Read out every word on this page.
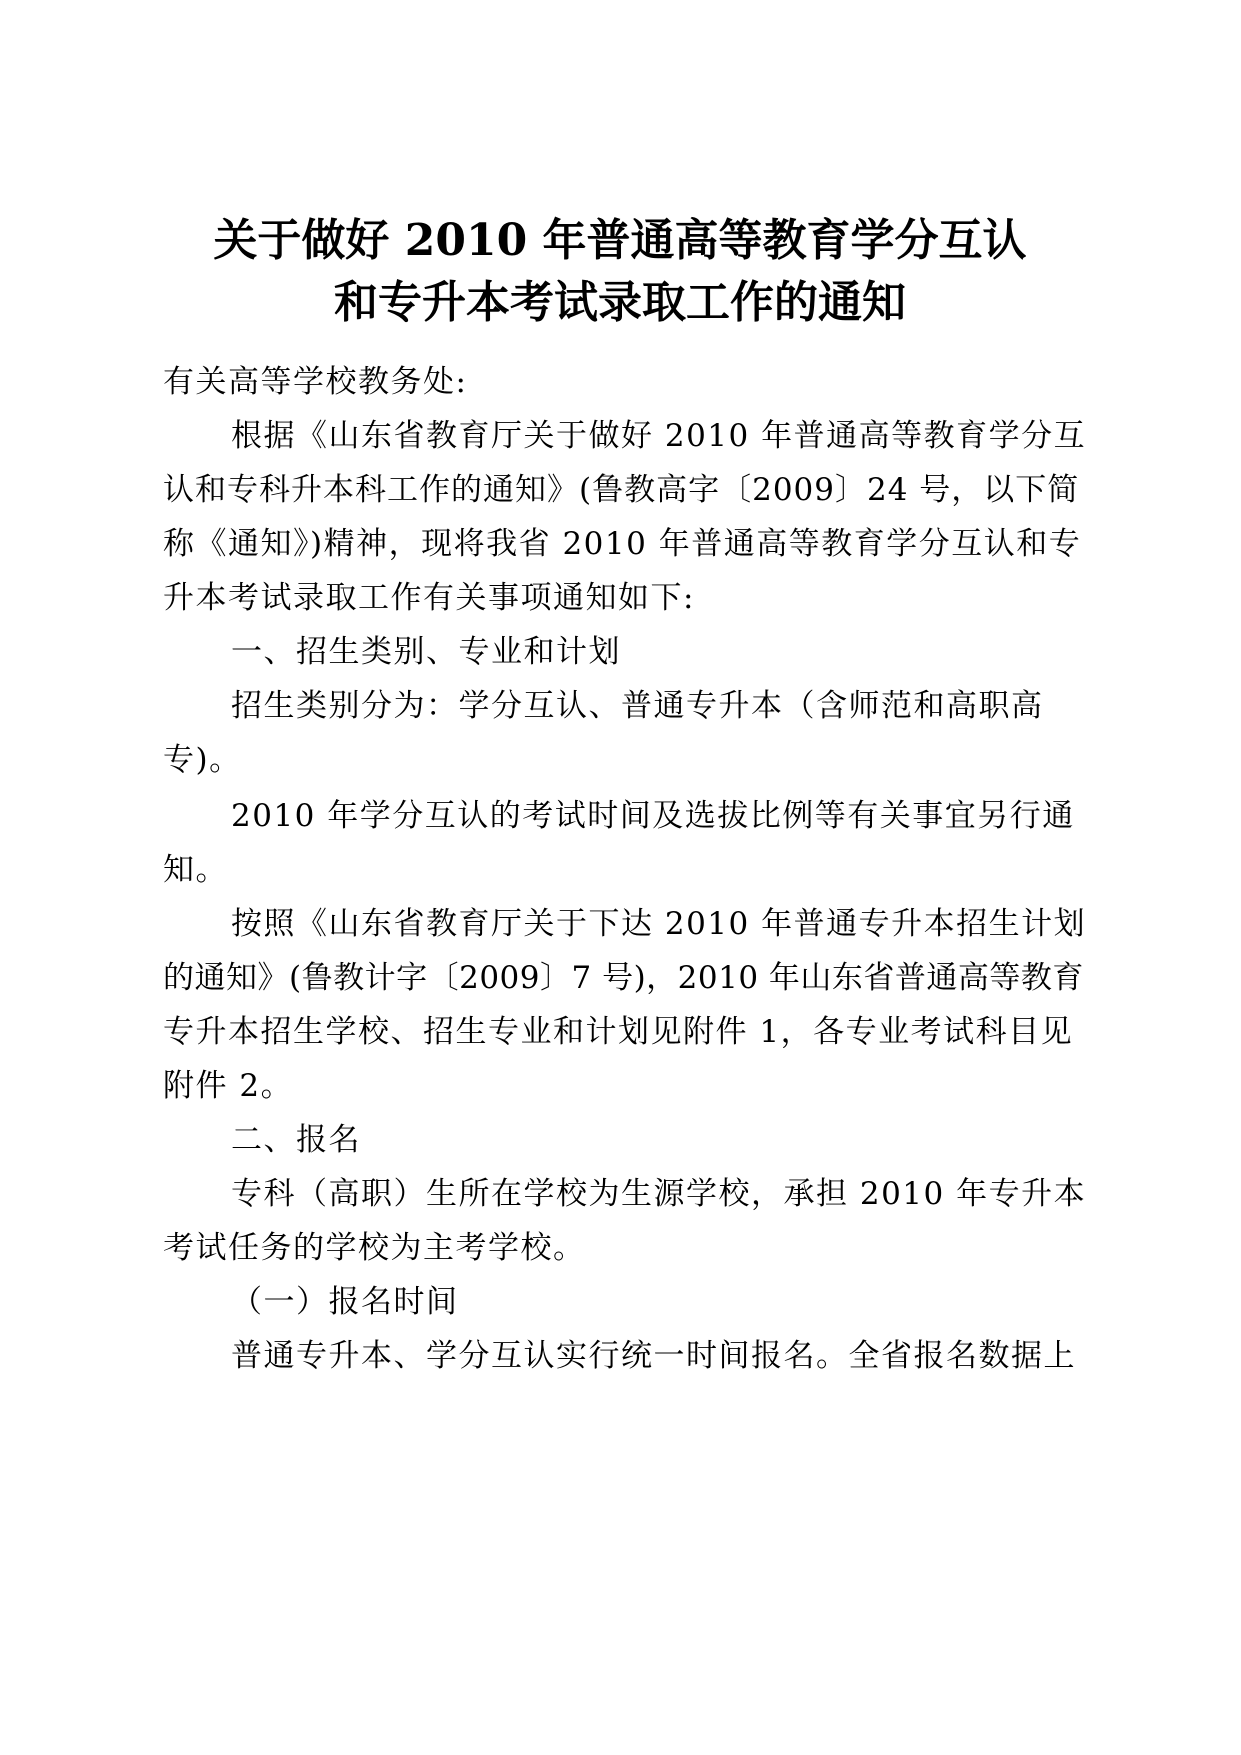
关于做好 2010 年普通高等教育学分互认
和专升本考试录取工作的通知
有关高等学校教务处:
根据《山东省教育厅关于做好 2010 年普通高等教育学分互
认和专科升本科工作的通知》(鲁教高字〔2009〕24 号，以下简
称《通知》)精神，现将我省 2010 年普通高等教育学分互认和专
升本考试录取工作有关事项通知如下:
一、招生类别、专业和计划
招生类别分为：学分互认、普通专升本（含师范和高职高
专)。
2010 年学分互认的考试时间及选拔比例等有关事宜另行通
知。
按照《山东省教育厅关于下达 2010 年普通专升本招生计划
的通知》(鲁教计字〔2009〕7 号)，2010 年山东省普通高等教育
专升本招生学校、招生专业和计划见附件 1，各专业考试科目见
附件 2。
二、报名
专科（高职）生所在学校为生源学校，承担 2010 年专升本
考试任务的学校为主考学校。
（一）报名时间
普通专升本、学分互认实行统一时间报名。全省报名数据上
